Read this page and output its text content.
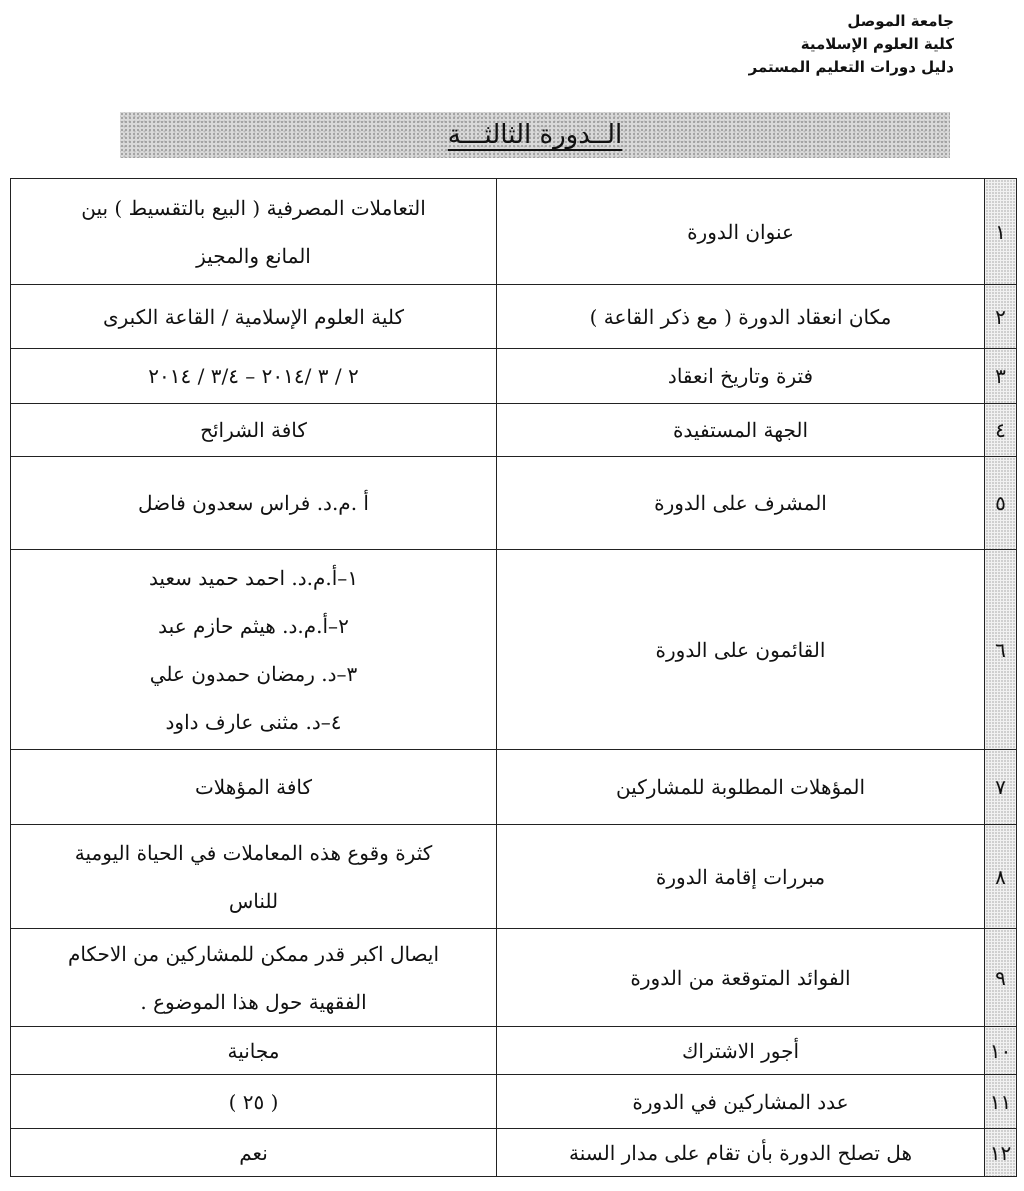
جامعة الموصل
كلية العلوم الإسلامية
دليل دورات التعليم المستمر
الــدورة الثالثـــة
١	عنوان الدورة	التعاملات المصرفية ( البيع بالتقسيط ) بين
المانع والمجيز

٢	مكان انعقاد الدورة ( مع ذكر القاعة )	كلية العلوم الإسلامية / القاعة الكبرى

٣	فترة وتاريخ انعقاد	٢ / ٣ /٢٠١٤ – ٣/٤ / ٢٠١٤

٤	الجهة المستفيدة	كافة الشرائح

٥	المشرف على الدورة	أ .م.د. فراس سعدون فاضل

٦	القائمون على الدورة	١–أ.م.د. احمد حميد سعيد
٢–أ.م.د. هيثم حازم عبد
٣–د. رمضان حمدون علي
٤–د. مثنى عارف داود

٧	المؤهلات المطلوبة للمشاركين	كافة المؤهلات

٨	مبررات إقامة الدورة	كثرة وقوع هذه المعاملات في الحياة اليومية
للناس

٩	الفوائد المتوقعة من الدورة	ايصال اكبر قدر ممكن للمشاركين من الاحكام
الفقهية حول هذا الموضوع .

١٠	أجور الاشتراك	مجانية

١١	عدد المشاركين في الدورة	( ٢٥ )

١٢	هل تصلح الدورة بأن تقام على مدار السنة	نعم
